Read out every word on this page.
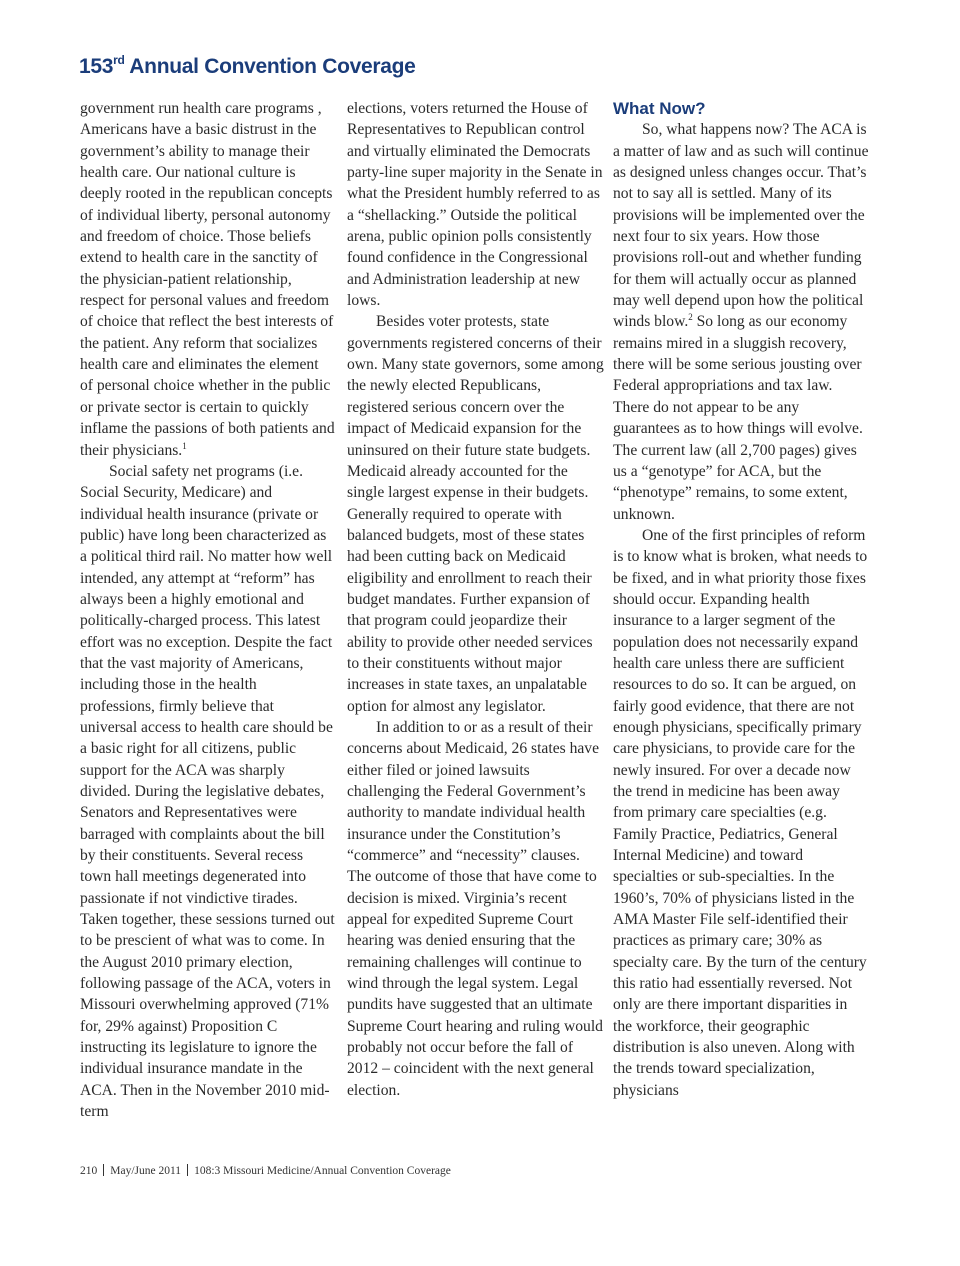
153rd Annual Convention Coverage

government run health care programs , Americans have a basic distrust in the government’s ability to manage their health care. Our national culture is deeply rooted in the republican concepts of individual liberty, personal autonomy and freedom of choice. Those beliefs extend to health care in the sanctity of the physician-patient relationship, respect for personal values and freedom of choice that reflect the best interests of the patient. Any reform that socializes health care and eliminates the element of personal choice whether in the public or private sector is certain to quickly inflame the passions of both patients and their physicians.$^1$

Social safety net programs (i.e. Social Security, Medicare) and individual health insurance (private or public) have long been characterized as a political third rail. No matter how well intended, any attempt at “reform” has always been a highly emotional and politically-charged process. This latest effort was no exception. Despite the fact that the vast majority of Americans, including those in the health professions, firmly believe that universal access to health care should be a basic right for all citizens, public support for the ACA was sharply divided. During the legislative debates, Senators and Representatives were barraged with complaints about the bill by their constituents. Several recess town hall meetings degenerated into passionate if not vindictive tirades. Taken together, these sessions turned out to be prescient of what was to come. In the August 2010 primary election, following passage of the ACA, voters in Missouri overwhelming approved (71% for, 29% against) Proposition C instructing its legislature to ignore the individual insurance mandate in the ACA. Then in the November 2010 mid-term

elections, voters returned the House of Representatives to Republican control and virtually eliminated the Democrats party-line super majority in the Senate in what the President humbly referred to as a “shellacking.” Outside the political arena, public opinion polls consistently found confidence in the Congressional and Administration leadership at new lows.

Besides voter protests, state governments registered concerns of their own. Many state governors, some among the newly elected Republicans, registered serious concern over the impact of Medicaid expansion for the uninsured on their future state budgets. Medicaid already accounted for the single largest expense in their budgets. Generally required to operate with balanced budgets, most of these states had been cutting back on Medicaid eligibility and enrollment to reach their budget mandates. Further expansion of that program could jeopardize their ability to provide other needed services to their constituents without major increases in state taxes, an unpalatable option for almost any legislator.

In addition to or as a result of their concerns about Medicaid, 26 states have either filed or joined lawsuits challenging the Federal Government’s authority to mandate individual health insurance under the Constitution’s “commerce” and “necessity” clauses. The outcome of those that have come to decision is mixed. Virginia’s recent appeal for expedited Supreme Court hearing was denied ensuring that the remaining challenges will continue to wind through the legal system. Legal pundits have suggested that an ultimate Supreme Court hearing and ruling would probably not occur before the fall of 2012 – coincident with the next general election.

What Now?

So, what happens now? The ACA is a matter of law and as such will continue as designed unless changes occur. That’s not to say all is settled. Many of its provisions will be implemented over the next four to six years. How those provisions roll-out and whether funding for them will actually occur as planned may well depend upon how the political winds blow.$^2$ So long as our economy remains mired in a sluggish recovery, there will be some serious jousting over Federal appropriations and tax law. There do not appear to be any guarantees as to how things will evolve. The current law (all 2,700 pages) gives us a “genotype” for ACA, but the “phenotype” remains, to some extent, unknown.

One of the first principles of reform is to know what is broken, what needs to be fixed, and in what priority those fixes should occur. Expanding health insurance to a larger segment of the population does not necessarily expand health care unless there are sufficient resources to do so. It can be argued, on fairly good evidence, that there are not enough physicians, specifically primary care physicians, to provide care for the newly insured. For over a decade now the trend in medicine has been away from primary care specialties (e.g. Family Practice, Pediatrics, General Internal Medicine) and toward specialties or sub-specialties. In the 1960’s, 70% of physicians listed in the AMA Master File self-identified their practices as primary care; 30% as specialty care. By the turn of the century this ratio had essentially reversed. Not only are there important disparities in the workforce, their geographic distribution is also uneven. Along with the trends toward specialization, physicians

210 May/June 2011 108:3 Missouri Medicine/Annual Convention Coverage
